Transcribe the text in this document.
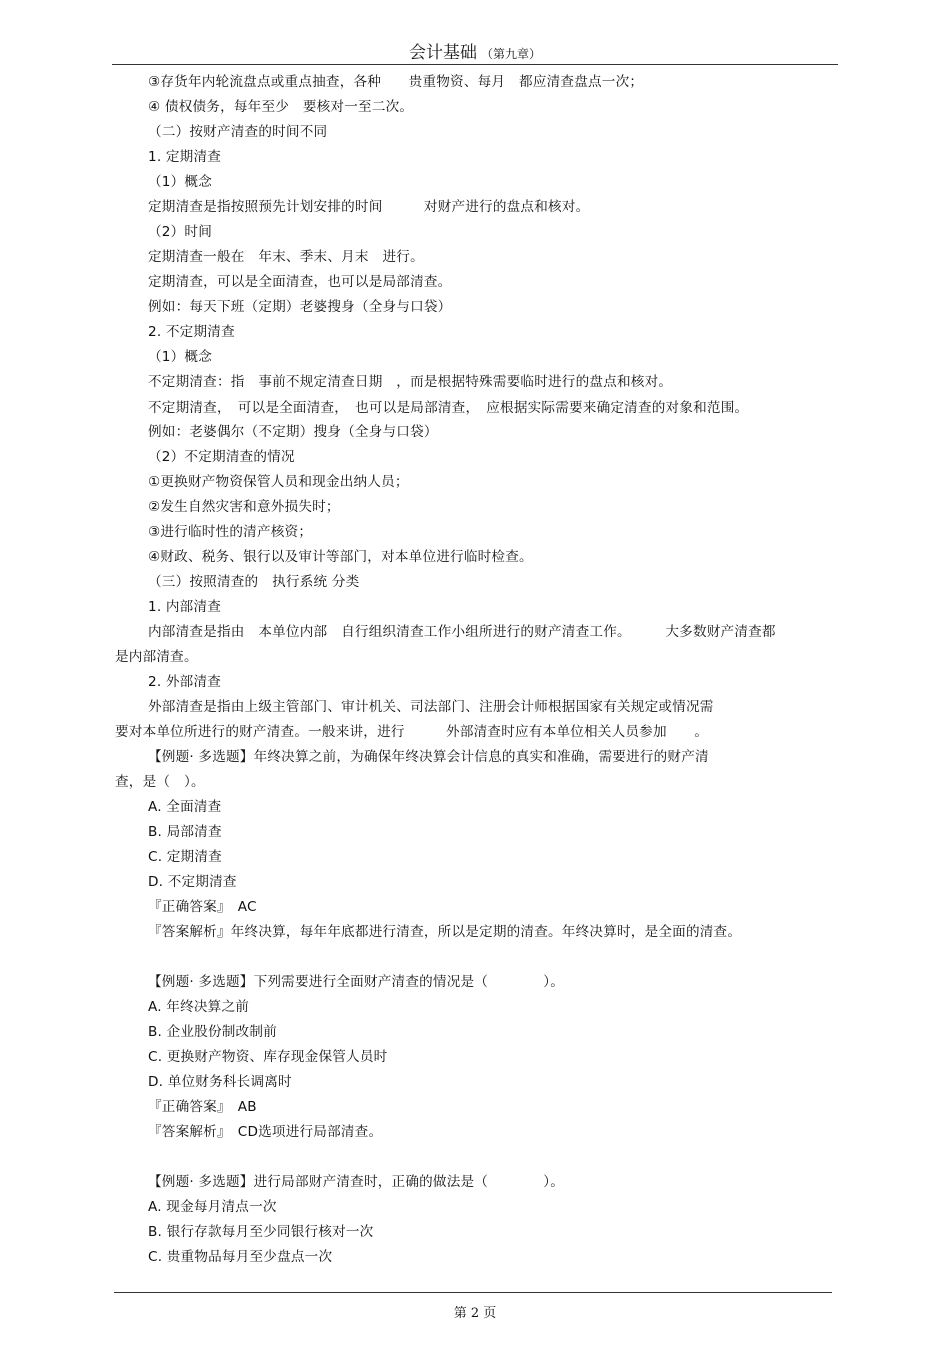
会计基础 （第九章）
③存货年内轮流盘点或重点抽查，各种　　贵重物资、每月　都应清查盘点一次；
④ 债权债务，每年至少　要核对一至二次。
（二）按财产清查的时间不同
1. 定期清查
（1）概念
定期清查是指按照预先计划安排的时间　　　对财产进行的盘点和核对。
（2）时间
定期清查一般在　年末、季末、月末　进行。
定期清查，可以是全面清查，也可以是局部清查。
例如：每天下班（定期）老婆搜身（全身与口袋）
2. 不定期清查
（1）概念
不定期清查：指　事前不规定清查日期　，而是根据特殊需要临时进行的盘点和核对。
不定期清查，　可以是全面清查，　也可以是局部清查，　应根据实际需要来确定清查的对象和范围。
例如：老婆偶尔（不定期）搜身（全身与口袋）
（2）不定期清查的情况
①更换财产物资保管人员和现金出纳人员；
②发生自然灾害和意外损失时；
③进行临时性的清产核资；
④财政、税务、银行以及审计等部门，对本单位进行临时检查。
（三）按照清查的　执行系统 分类
1. 内部清查
内部清查是指由　本单位内部　自行组织清查工作小组所进行的财产清查工作。　　　大多数财产清查都
是内部清查。
2. 外部清查
外部清查是指由上级主管部门、审计机关、司法部门、注册会计师根据国家有关规定或情况需
要对本单位所进行的财产清查。一般来讲，进行　　　外部清查时应有本单位相关人员参加　　。
【例题· 多选题】年终决算之前，为确保年终决算会计信息的真实和准确，需要进行的财产清
查，是（　）。
A. 全面清查
B. 局部清查
C. 定期清查
D. 不定期清查
『正确答案』　AC
『答案解析』年终决算，每年年底都进行清查，所以是定期的清查。年终决算时，是全面的清查。
【例题· 多选题】下列需要进行全面财产清查的情况是（　　　　）。
A. 年终决算之前
B. 企业股份制改制前
C. 更换财产物资、库存现金保管人员时
D. 单位财务科长调离时
『正确答案』　AB
『答案解析』　CD选项进行局部清查。
【例题· 多选题】进行局部财产清查时，正确的做法是（　　　　）。
A. 现金每月清点一次
B. 银行存款每月至少同银行核对一次
C. 贵重物品每月至少盘点一次
第 2 页
